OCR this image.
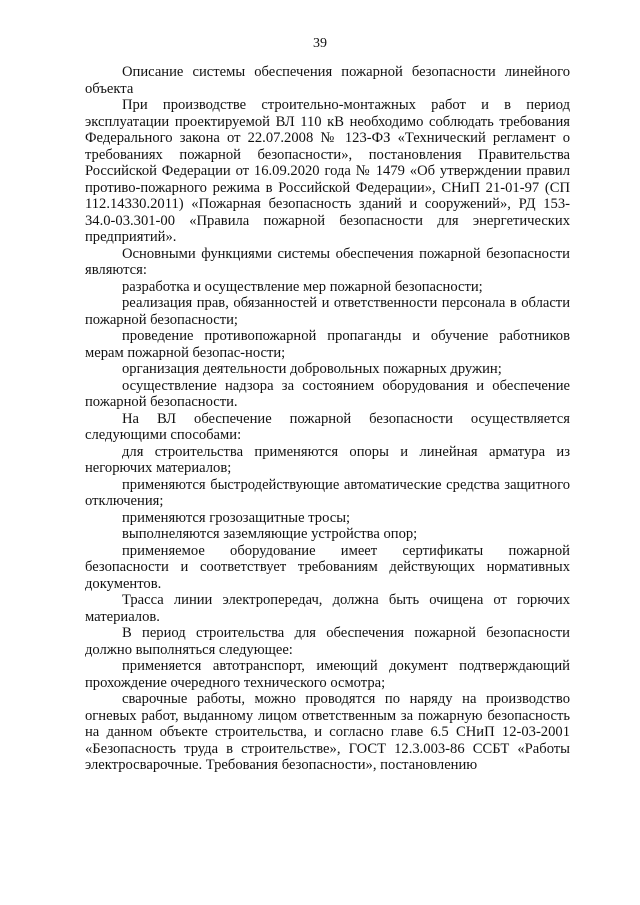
39

Описание системы обеспечения пожарной безопасности линейного объекта

При производстве строительно-монтажных работ и в период эксплуатации проектируемой ВЛ 110 кВ необходимо соблюдать требования Федерального закона от 22.07.2008 № 123-ФЗ «Технический регламент о требованиях пожарной безопасности», постановления Правительства Российской Федерации от 16.09.2020 года № 1479 «Об утверждении правил противо-пожарного режима в Российской Федерации», СНиП 21-01-97 (СП 112.14330.2011) «Пожарная безопасность зданий и сооружений», РД 153-34.0-03.301-00 «Правила пожарной безопасности для энергетических предприятий».

Основными функциями системы обеспечения пожарной безопасности являются:

разработка и осуществление мер пожарной безопасности;

реализация прав, обязанностей и ответственности персонала в области пожарной безопасности;

проведение противопожарной пропаганды и обучение работников мерам пожарной безопас-ности;

организация деятельности добровольных пожарных дружин;

осуществление надзора за состоянием оборудования и обеспечение пожарной безопасности.

На ВЛ обеспечение пожарной безопасности осуществляется следующими способами:

для строительства применяются опоры и линейная арматура из негорючих материалов;

применяются быстродействующие автоматические средства защитного отключения;

применяются грозозащитные тросы;

выполнеляются заземляющие устройства опор;

применяемое оборудование имеет сертификаты пожарной безопасности и соответствует требованиям действующих нормативных документов.

Трасса линии электропередач, должна быть очищена от горючих материалов.

В период строительства для обеспечения пожарной безопасности должно выполняться следующее:

применяется автотранспорт, имеющий документ подтверждающий прохождение очередного технического осмотра;

сварочные работы, можно проводятся по наряду на производство огневых работ, выданному лицом ответственным за пожарную безопасность на данном объекте строительства, и согласно главе 6.5 СНиП 12-03-2001 «Безопасность труда в строительстве», ГОСТ 12.3.003-86 ССБТ «Работы электросварочные. Требования безопасности», постановлению
